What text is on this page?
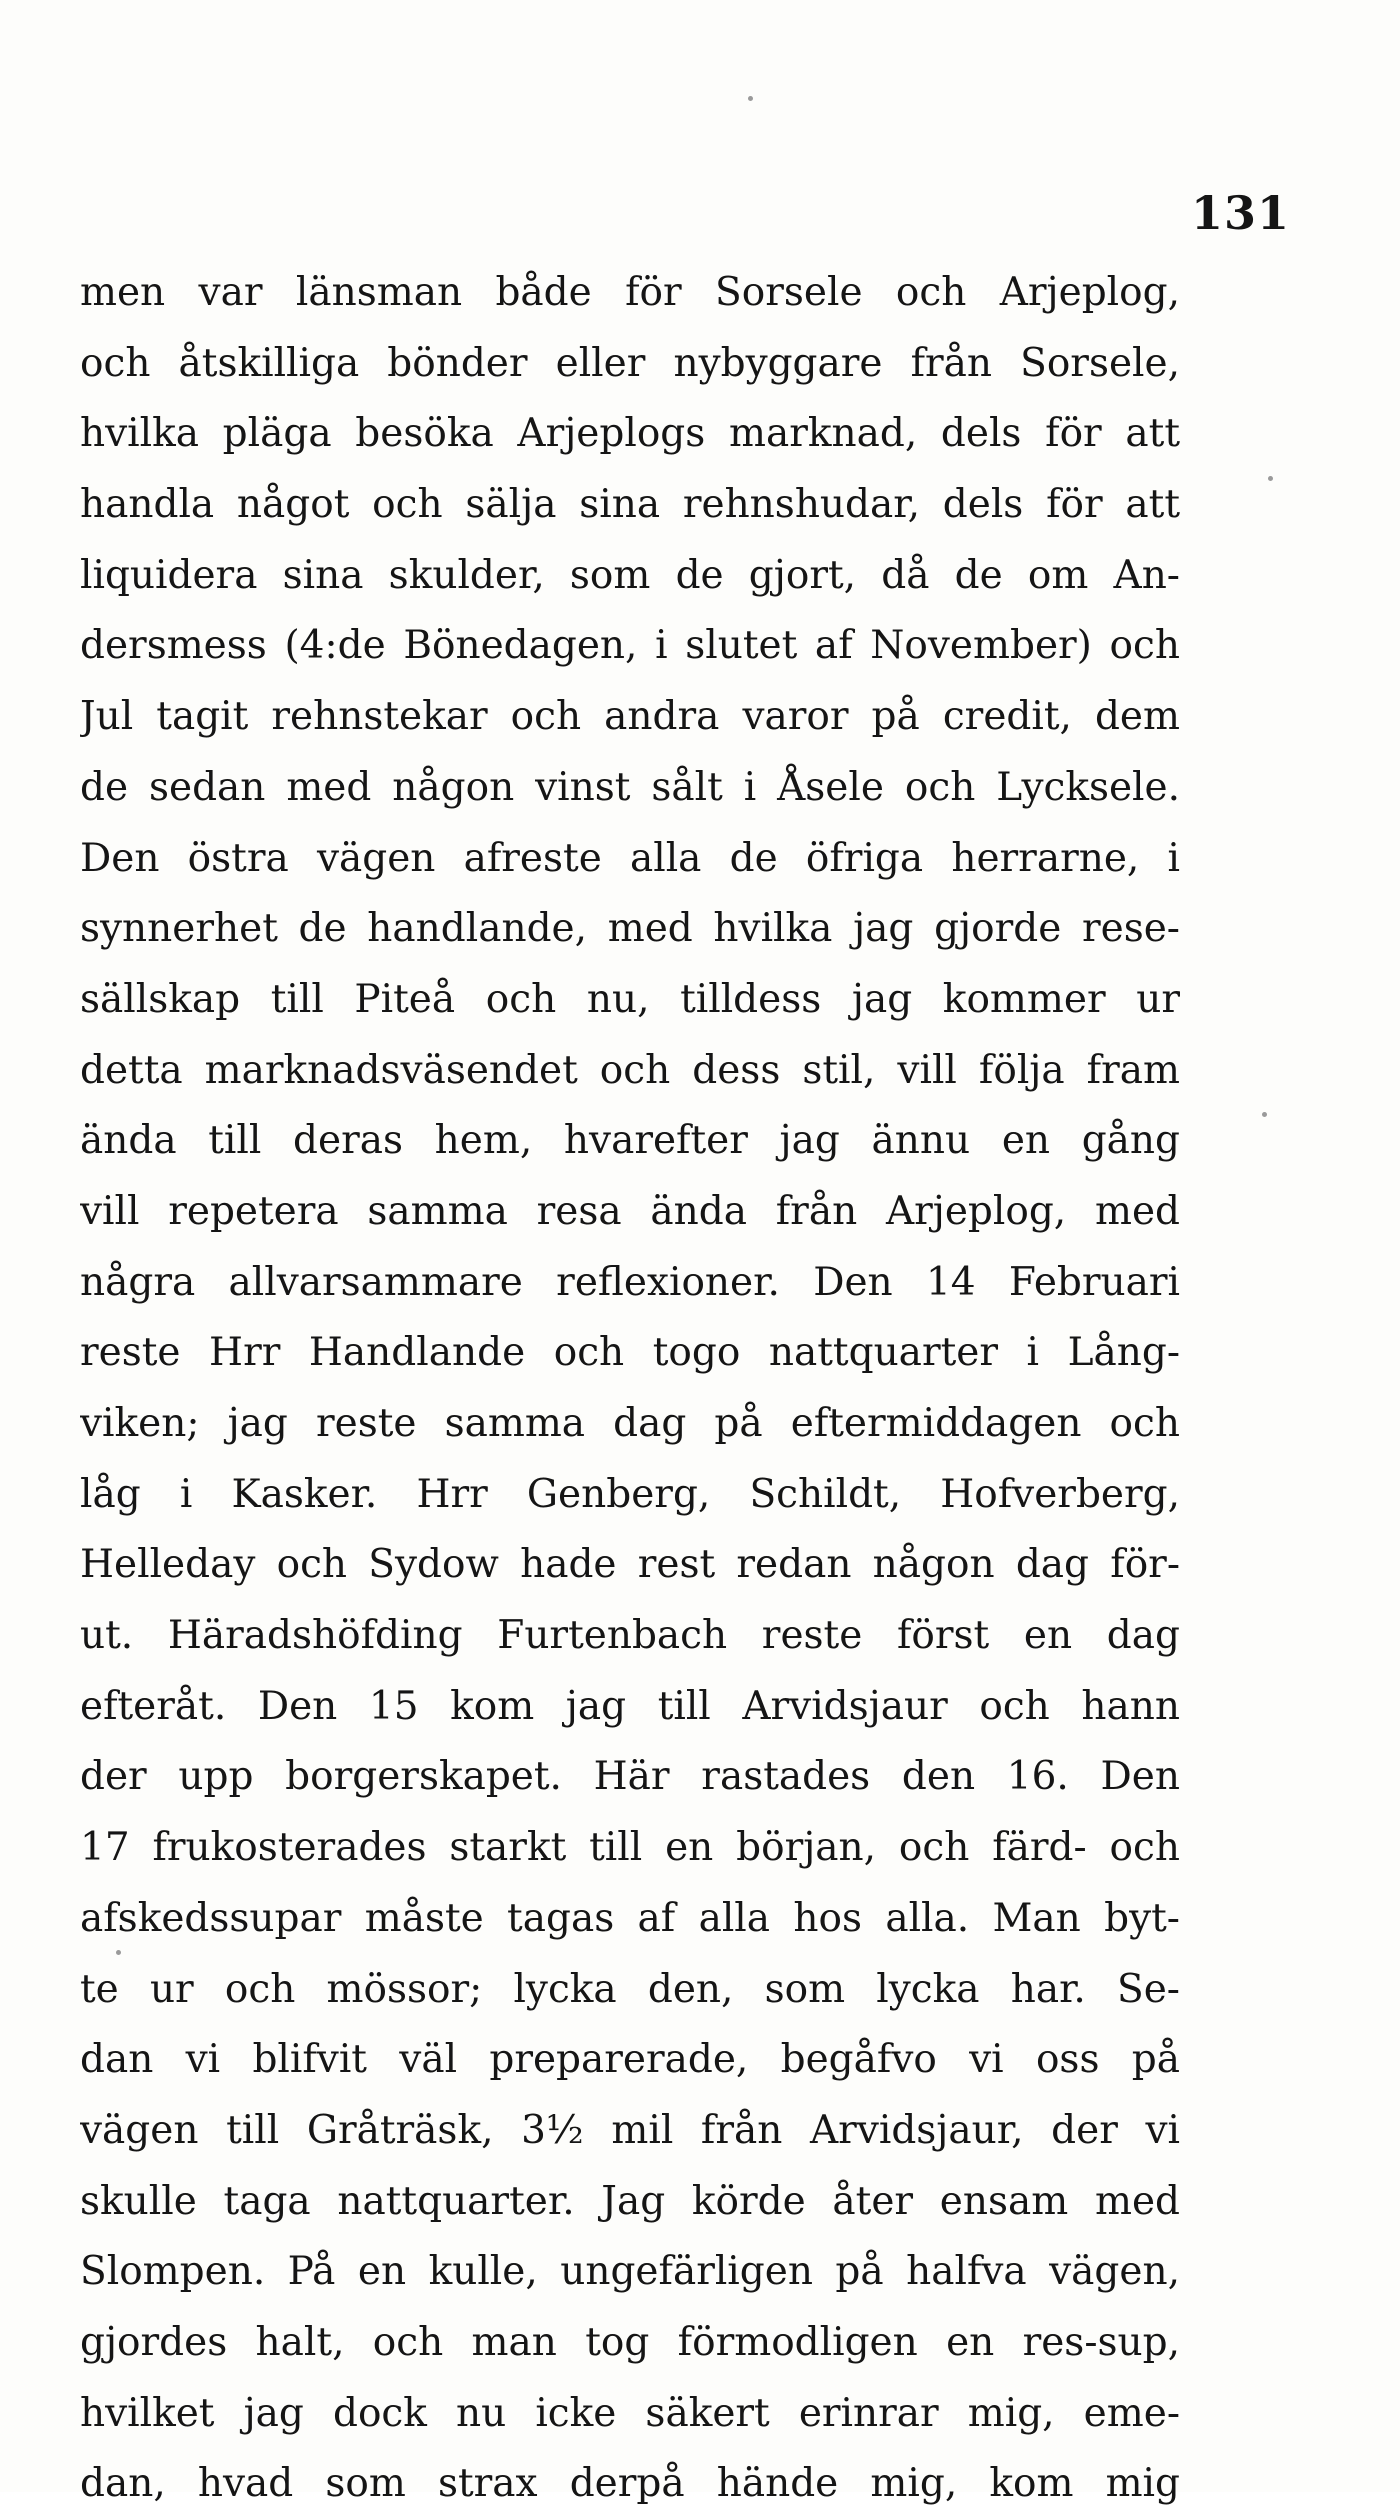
131
men var länsman både för Sorsele och Arjeplog,
och åtskilliga bönder eller nybyggare från Sorsele,
hvilka pläga besöka Arjeplogs marknad, dels för att
handla något och sälja sina rehnshudar, dels för att
liquidera sina skulder, som de gjort, då de om An-
dersmess (4:de Bönedagen, i slutet af November) och
Jul tagit rehnstekar och andra varor på credit, dem
de sedan med någon vinst sålt i Åsele och Lycksele.
Den östra vägen afreste alla de öfriga herrarne, i
synnerhet de handlande, med hvilka jag gjorde rese-
sällskap till Piteå och nu, tilldess jag kommer ur
detta marknadsväsendet och dess stil, vill följa fram
ända till deras hem, hvarefter jag ännu en gång
vill repetera samma resa ända från Arjeplog, med
några allvarsammare reflexioner. Den 14 Februari
reste Hrr Handlande och togo nattquarter i Lång-
viken; jag reste samma dag på eftermiddagen och
låg i Kasker. Hrr Genberg, Schildt, Hofverberg,
Helleday och Sydow hade rest redan någon dag för-
ut. Häradshöfding Furtenbach reste först en dag
efteråt. Den 15 kom jag till Arvidsjaur och hann
der upp borgerskapet. Här rastades den 16. Den
17 frukosterades starkt till en början, och färd- och
afskedssupar måste tagas af alla hos alla. Man byt-
te ur och mössor; lycka den, som lycka har. Se-
dan vi blifvit väl preparerade, begåfvo vi oss på
vägen till Gråträsk, 3½ mil från Arvidsjaur, der vi
skulle taga nattquarter. Jag körde åter ensam med
Slompen. På en kulle, ungefärligen på halfva vägen,
gjordes halt, och man tog förmodligen en res-sup,
hvilket jag dock nu icke säkert erinrar mig, eme-
dan, hvad som strax derpå hände mig, kom mig
